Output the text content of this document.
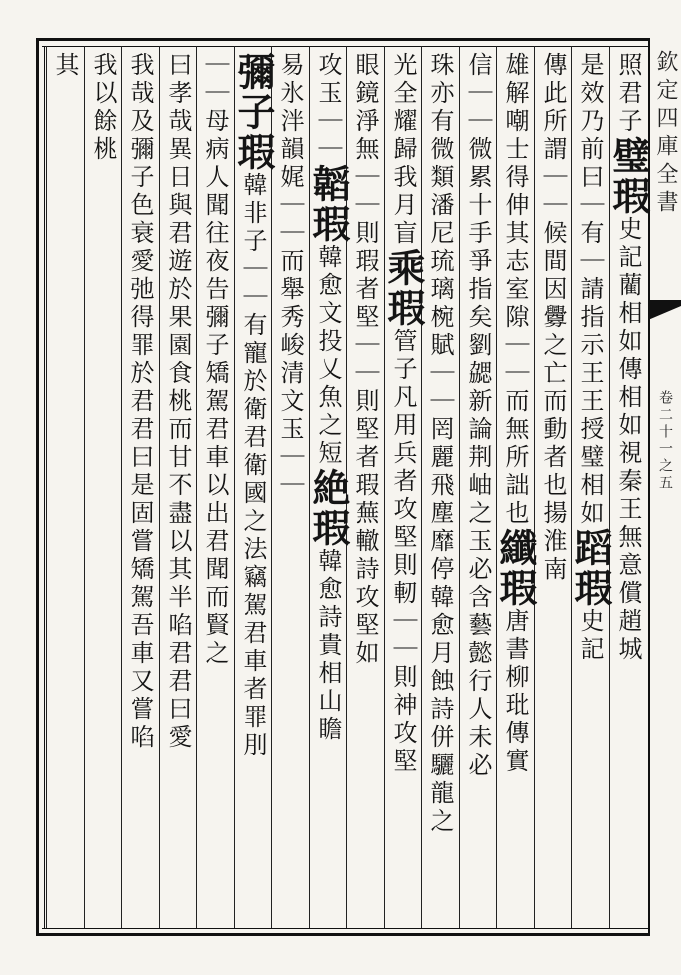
欽定四庫全書
卷二十一之五
照君子璧瑕史記藺相如傳相如視秦王無意償趙城
是效乃前曰｜有｜請指示王王授璧相如蹈瑕史記
傳此所謂｜｜候間因釁之亡而動者也揚淮南
雄解嘲士得伸其志室隙｜｜而無所詘也纖瑕唐書柳玭傳實
信｜｜微累十手爭指矣劉勰新論荆岫之玉必含藝懿行人未必
珠亦有微類潘尼琉璃椀賦｜｜罔麗飛塵靡停韓愈月蝕詩併驪龍之
光全耀歸我月盲乘瑕管子凡用兵者攻堅則軔｜｜則神攻堅
眼鏡淨無｜｜則瑕者堅｜｜則堅者瑕蕪轍詩攻堅如
攻玉｜｜韜瑕韓愈文投乂魚之短絶瑕韓愈詩貴相山瞻
易氷泮韻娓｜｜而舉秀峻清文玉｜｜
彌子瑕韓非子｜｜有寵於衛君衛國之法竊駕君車者罪刖
｜｜母病人聞往夜告彌子矯駕君車以出君聞而賢之
曰孝哉異日與君遊於果園食桃而甘不盡以其半啗君君曰愛
我哉及彌子色衰愛弛得罪於君君曰是固嘗矯駕吾車又嘗啗
我以餘桃
其
